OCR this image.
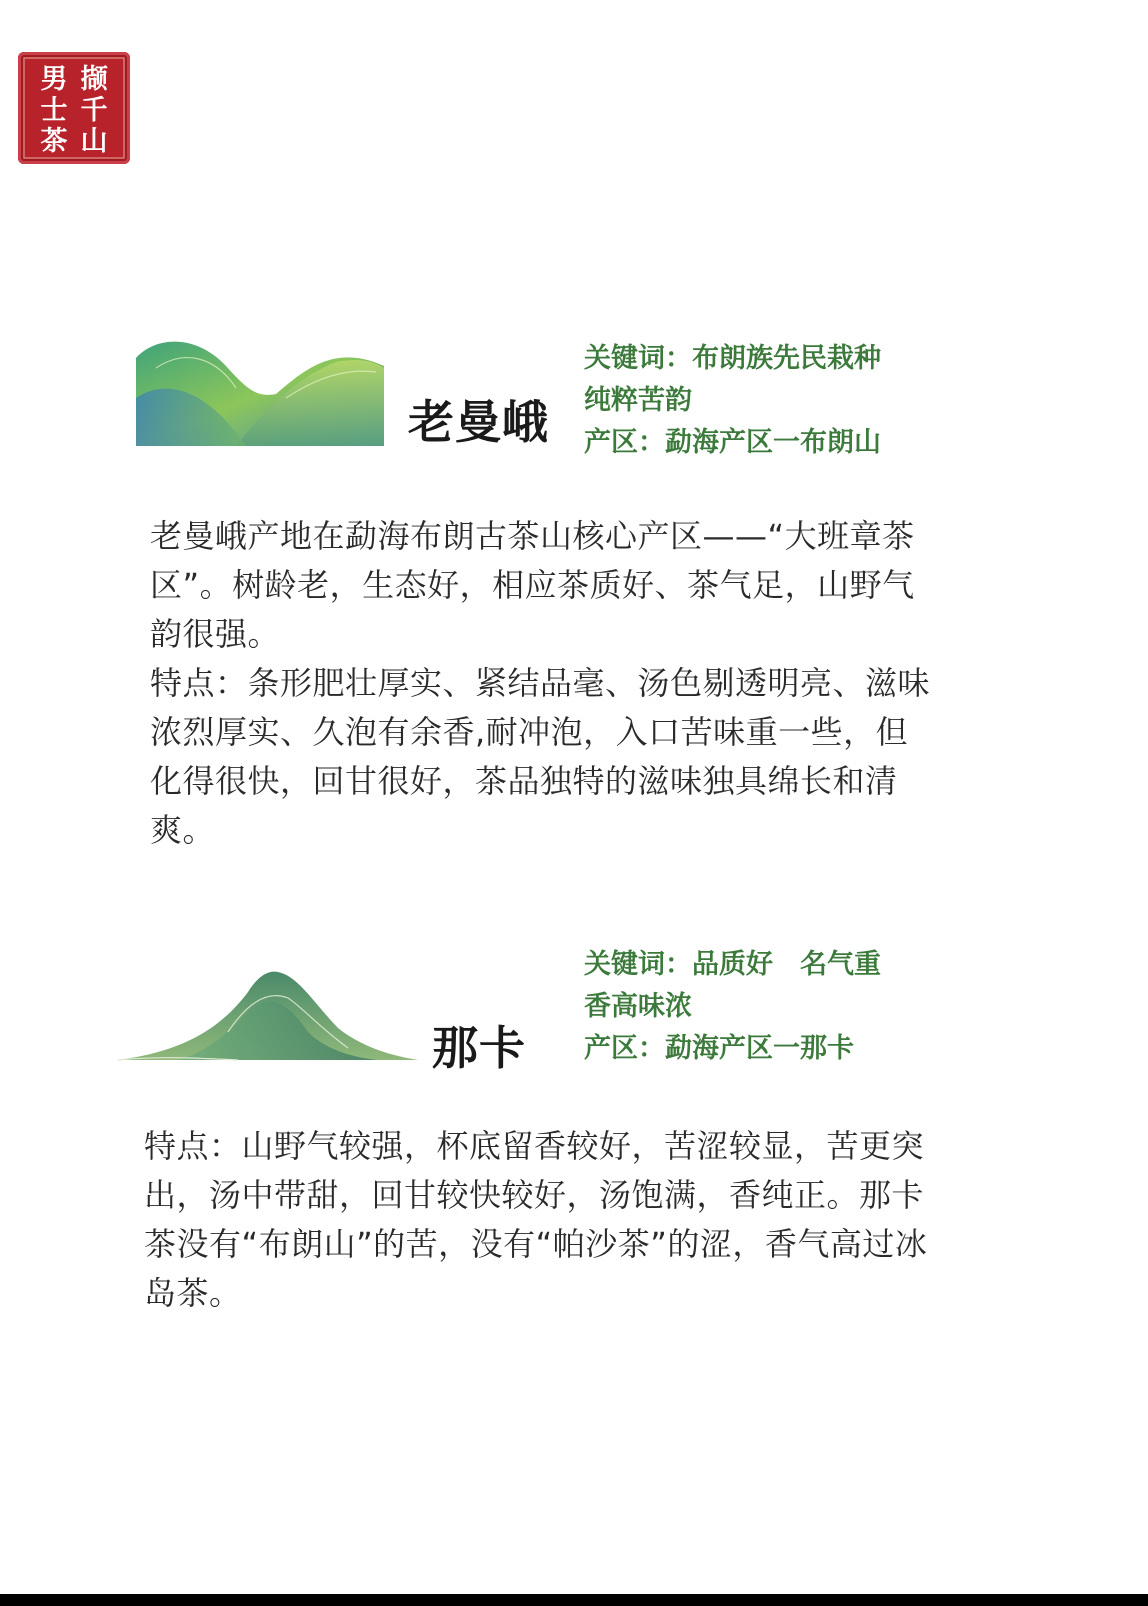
男
士
茶
撷
千
山
老曼峨
关键词：布朗族先民栽种
纯粹苦韵
产区：勐海产区一布朗山

老曼峨产地在勐海布朗古茶山核心产区——“大班章茶区”。树龄老，生态好，相应茶质好、茶气足，山野气韵很强。

特点：条形肥壮厚实、紧结品毫、汤色剔透明亮、滋味浓烈厚实、久泡有余香,耐冲泡，入口苦味重一些，但化得很快，回甘很好，茶品独特的滋味独具绵长和清爽。

那卡
关键词：品质好　名气重
香高味浓
产区：勐海产区一那卡

特点：山野气较强，杯底留香较好，苦涩较显，苦更突出，汤中带甜，回甘较快较好，汤饱满，香纯正。那卡茶没有“布朗山”的苦，没有“帕沙茶”的涩，香气高过冰岛茶。
